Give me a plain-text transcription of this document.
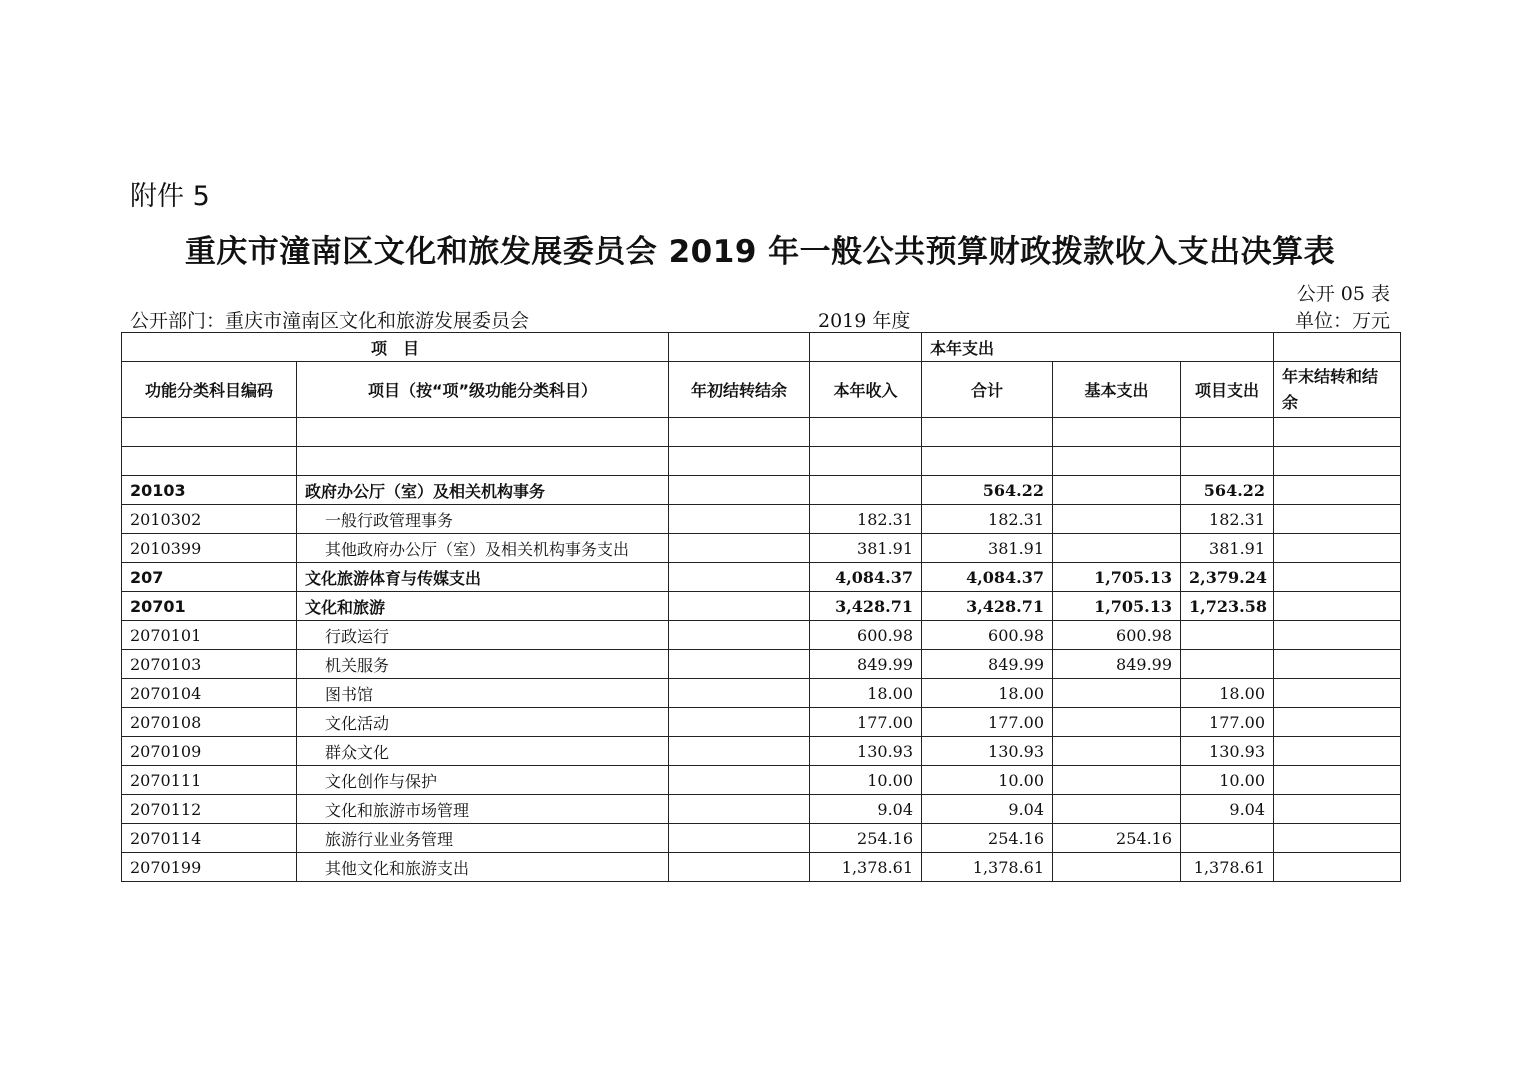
附件 5
重庆市潼南区文化和旅发展委员会 2019 年一般公共预算财政拨款收入支出决算表
公开 05 表
公开部门：重庆市潼南区文化和旅游发展委员会	2019 年度	单位：万元
项　目				本年支出			
功能分类科目编码	项目（按“项”级功能分类科目）	年初结转结余	本年收入	合计	基本支出	项目支出	年末结转和结余

20103	政府办公厅（室）及相关机构事务			564.22		564.22	
2010302	一般行政管理事务		182.31	182.31		182.31	
2010399	其他政府办公厅（室）及相关机构事务支出		381.91	381.91		381.91	
207	文化旅游体育与传媒支出		4,084.37	4,084.37	1,705.13	2,379.24	
20701	文化和旅游		3,428.71	3,428.71	1,705.13	1,723.58	
2070101	行政运行		600.98	600.98	600.98		
2070103	机关服务		849.99	849.99	849.99		
2070104	图书馆		18.00	18.00		18.00	
2070108	文化活动		177.00	177.00		177.00	
2070109	群众文化		130.93	130.93		130.93	
2070111	文化创作与保护		10.00	10.00		10.00	
2070112	文化和旅游市场管理		9.04	9.04		9.04	
2070114	旅游行业业务管理		254.16	254.16	254.16		
2070199	其他文化和旅游支出		1,378.61	1,378.61		1,378.61	
